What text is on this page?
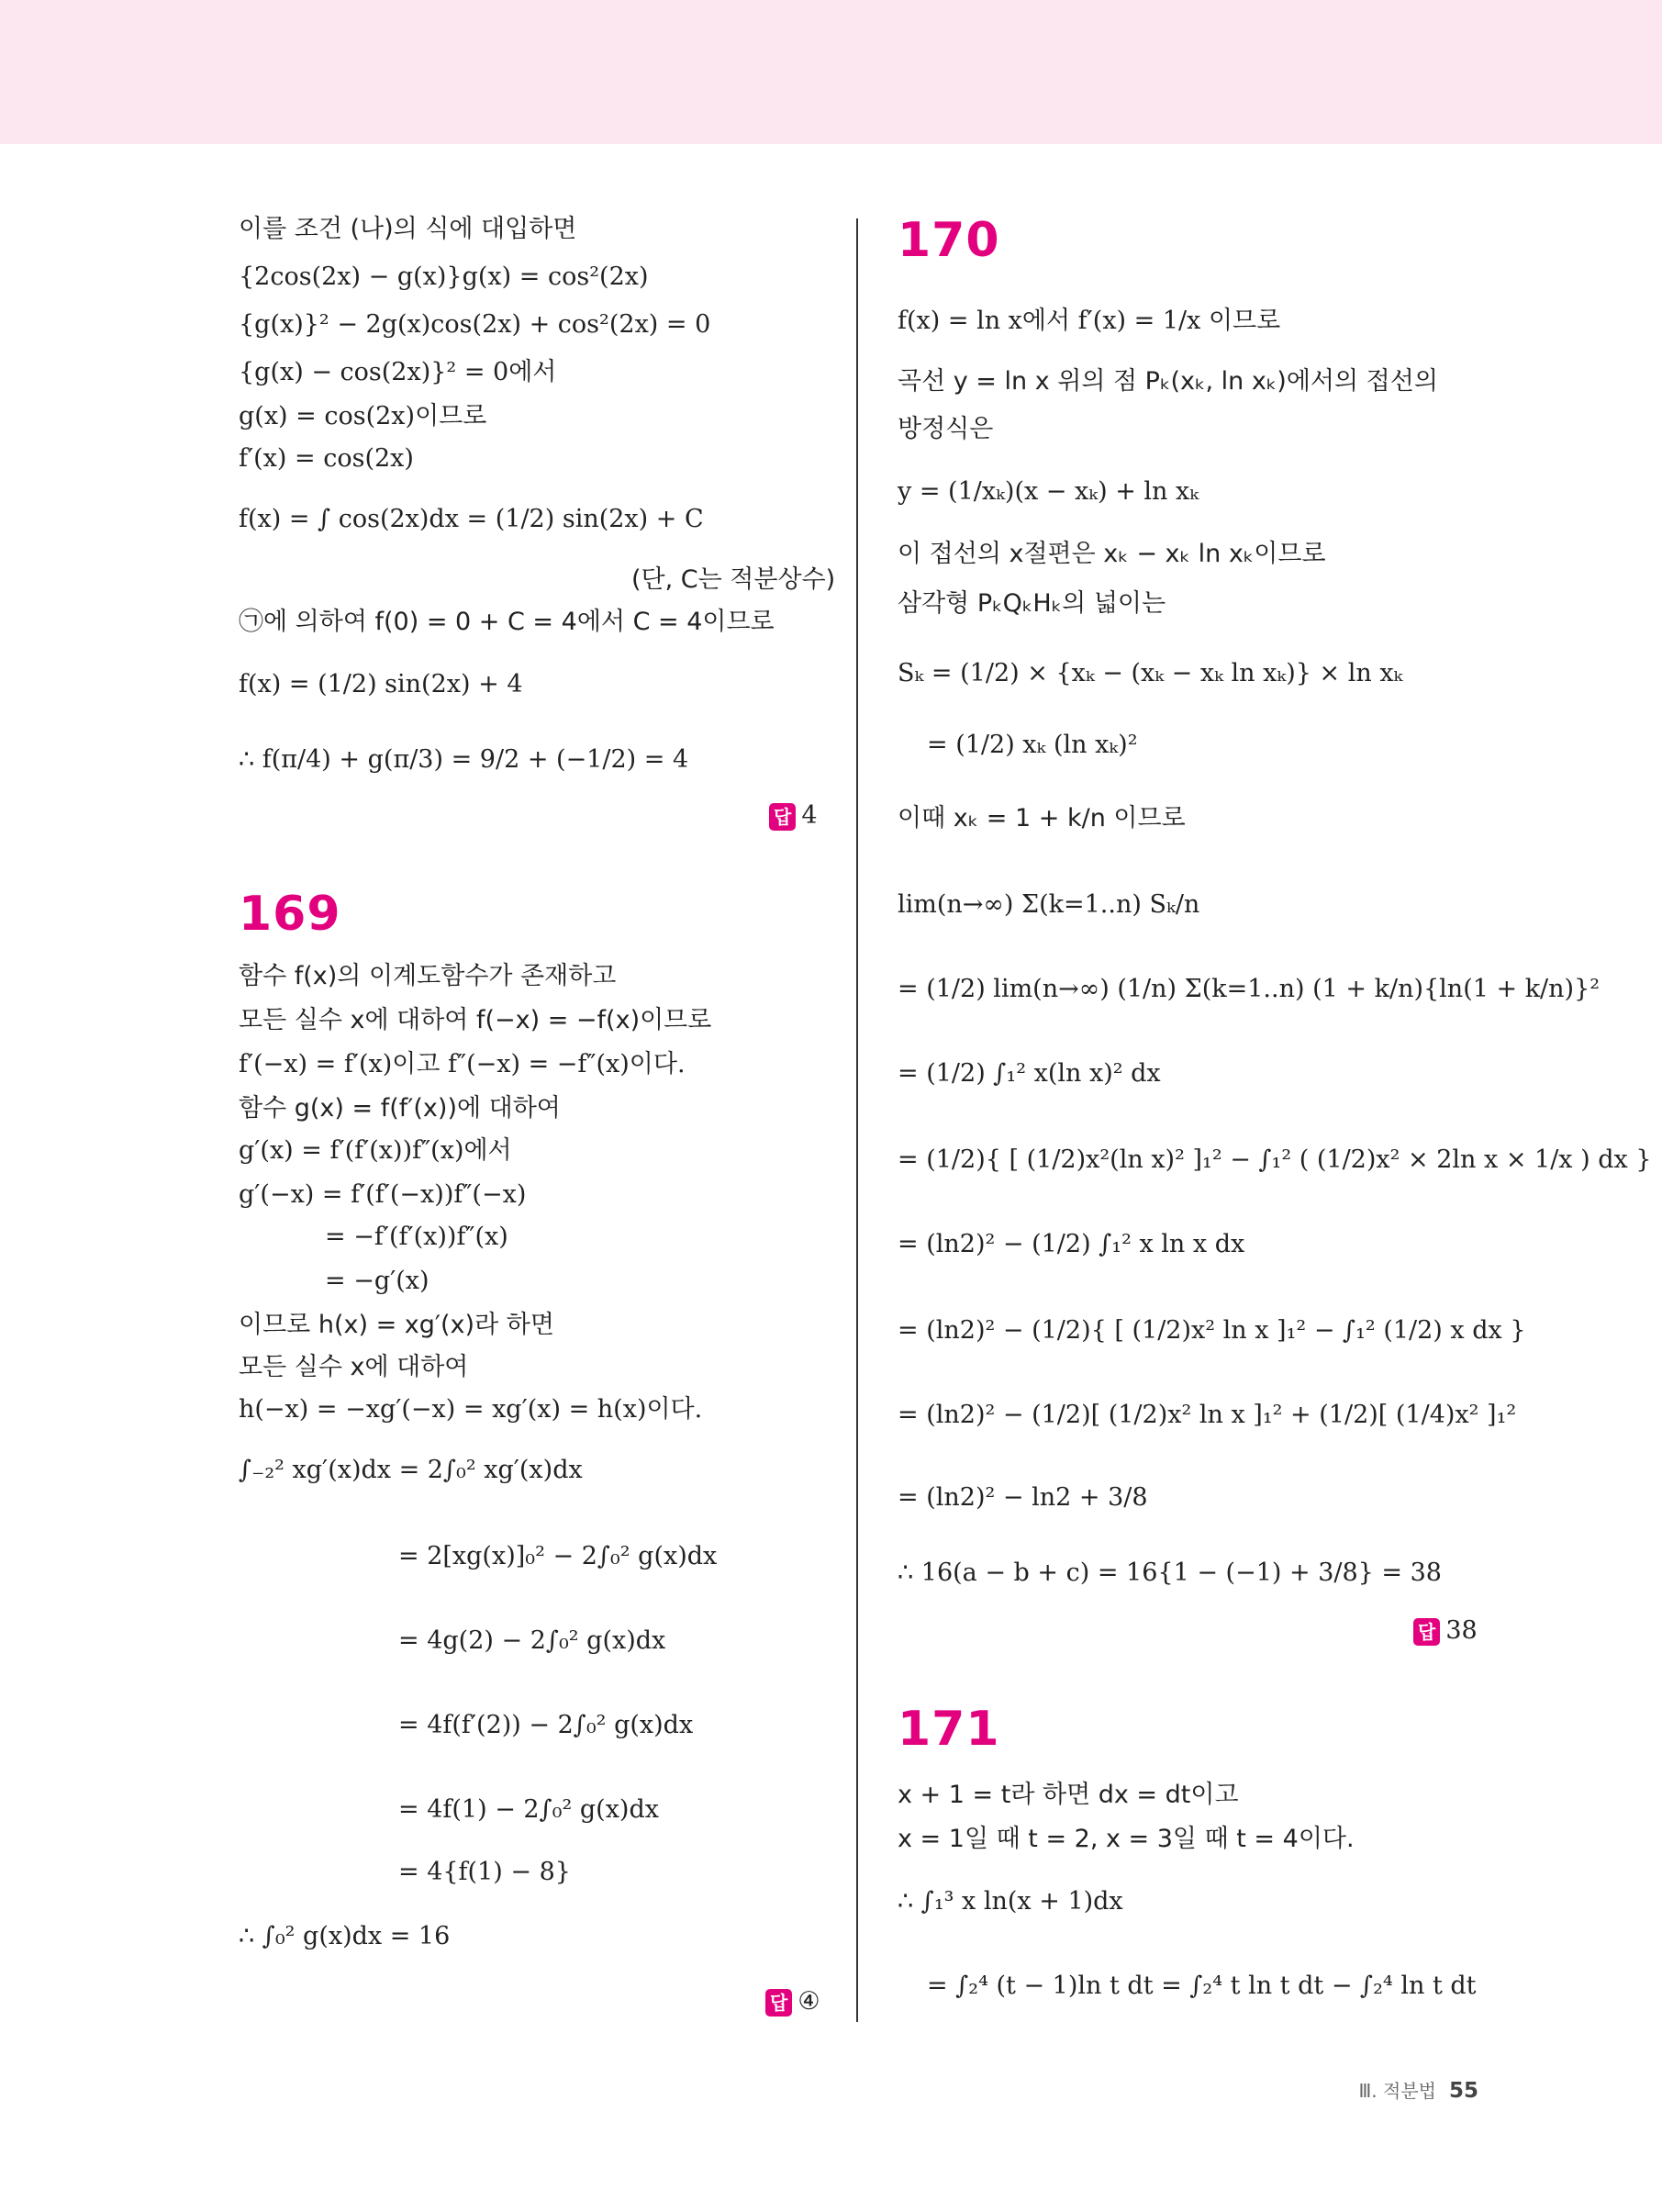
이를 조건 (나)의 식에 대입하면
{2cos(2x) − g(x)}g(x) = cos²(2x)
{g(x)}² − 2g(x)cos(2x) + cos²(2x) = 0
{g(x) − cos(2x)}² = 0에서
g(x) = cos(2x)이므로
f′(x) = cos(2x)
f(x) = ∫ cos(2x)dx = (1/2) sin(2x) + C
(단, C는 적분상수)
㉠에 의하여 f(0) = 0 + C = 4에서 C = 4이므로
f(x) = (1/2) sin(2x) + 4
∴ f(π/4) + g(π/3) = 9/2 + (−1/2) = 4
답 4
169
함수 f(x)의 이계도함수가 존재하고
모든 실수 x에 대하여 f(−x) = −f(x)이므로
f′(−x) = f′(x)이고 f″(−x) = −f″(x)이다.
함수 g(x) = f(f′(x))에 대하여
g′(x) = f′(f′(x))f″(x)에서
g′(−x) = f′(f′(−x))f″(−x)
= −f′(f′(x))f″(x)
= −g′(x)
이므로 h(x) = xg′(x)라 하면
모든 실수 x에 대하여
h(−x) = −xg′(−x) = xg′(x) = h(x)이다.
∫₋₂² xg′(x)dx = 2∫₀² xg′(x)dx
= 2[xg(x)]₀² − 2∫₀² g(x)dx
= 4g(2) − 2∫₀² g(x)dx
= 4f(f′(2)) − 2∫₀² g(x)dx
= 4f(1) − 2∫₀² g(x)dx
= 4{f(1) − 8}
∴ ∫₀² g(x)dx = 16
답 ④
170
f(x) = ln x에서 f′(x) = 1/x 이므로
곡선 y = ln x 위의 점 Pₖ(xₖ, ln xₖ)에서의 접선의
방정식은
y = (1/xₖ)(x − xₖ) + ln xₖ
이 접선의 x절편은 xₖ − xₖ ln xₖ이므로
삼각형 PₖQₖHₖ의 넓이는
Sₖ = (1/2) × {xₖ − (xₖ − xₖ ln xₖ)} × ln xₖ
= (1/2) xₖ (ln xₖ)²
이때 xₖ = 1 + k/n 이므로
lim(n→∞) Σ(k=1..n) Sₖ/n
= (1/2) lim(n→∞) (1/n) Σ(k=1..n) (1 + k/n){ln(1 + k/n)}²
= (1/2) ∫₁² x(ln x)² dx
= (1/2){ [ (1/2)x²(ln x)² ]₁² − ∫₁² ( (1/2)x² × 2ln x × 1/x ) dx }
= (ln2)² − (1/2) ∫₁² x ln x dx
= (ln2)² − (1/2){ [ (1/2)x² ln x ]₁² − ∫₁² (1/2) x dx }
= (ln2)² − (1/2)[ (1/2)x² ln x ]₁² + (1/2)[ (1/4)x² ]₁²
= (ln2)² − ln2 + 3/8
∴ 16(a − b + c) = 16{1 − (−1) + 3/8} = 38
답 38
171
x + 1 = t라 하면 dx = dt이고
x = 1일 때 t = 2, x = 3일 때 t = 4이다.
∴ ∫₁³ x ln(x + 1)dx
= ∫₂⁴ (t − 1)ln t dt = ∫₂⁴ t ln t dt − ∫₂⁴ ln t dt
Ⅲ. 적분법 55
